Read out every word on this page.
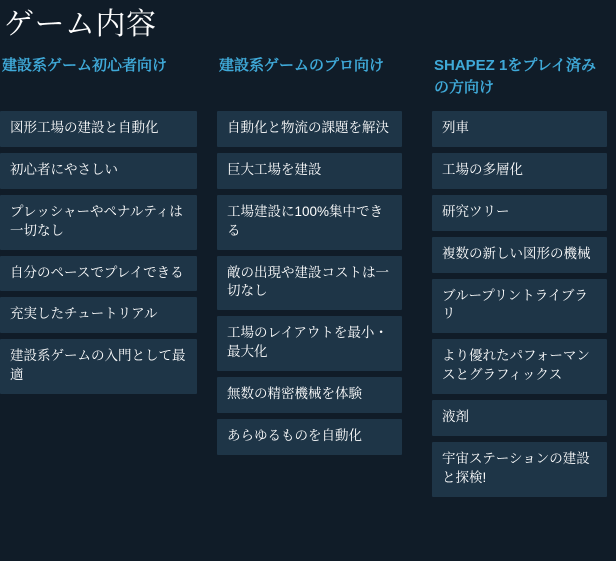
ゲーム内容
建設系ゲーム初心者向け
図形工場の建設と自動化
初心者にやさしい
プレッシャーやペナルティは一切なし
自分のペースでプレイできる
充実したチュートリアル
建設系ゲームの入門として最適
建設系ゲームのプロ向け
自動化と物流の課題を解決
巨大工場を建設
工場建設に100%集中できる
敵の出現や建設コストは一切なし
工場のレイアウトを最小・最大化
無数の精密機械を体験
あらゆるものを自動化
SHAPEZ 1をプレイ済みの方向け
列車
工場の多層化
研究ツリー
複数の新しい図形の機械
ブループリントライブラリ
より優れたパフォーマンスとグラフィックス
液剤
宇宙ステーションの建設と探検!
